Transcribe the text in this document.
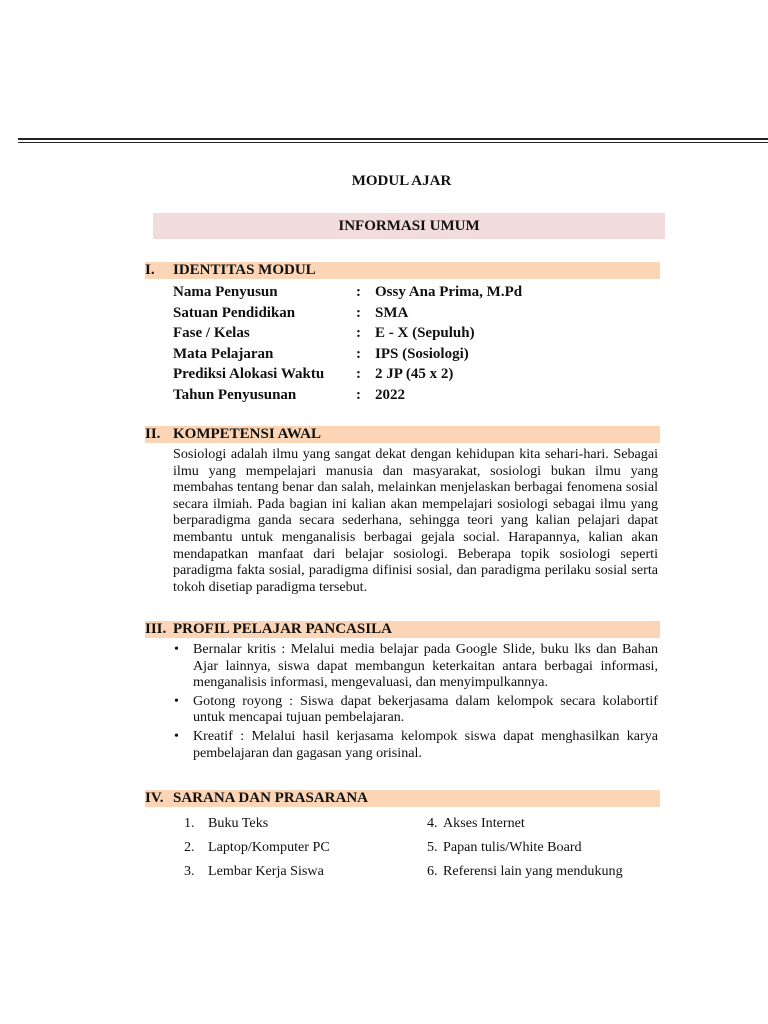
MODUL AJAR
INFORMASI UMUM
I. IDENTITAS MODUL
Nama Penyusun	: Ossy Ana Prima, M.Pd
Satuan Pendidikan	: SMA
Fase / Kelas	: E - X (Sepuluh)
Mata Pelajaran	: IPS (Sosiologi)
Prediksi Alokasi Waktu : 2 JP (45 x 2)
Tahun Penyusunan	: 2022
II. KOMPETENSI AWAL

Sosiologi adalah ilmu yang sangat dekat dengan kehidupan kita sehari-hari. Sebagai ilmu yang mempelajari manusia dan masyarakat, sosiologi bukan ilmu yang membahas tentang benar dan salah, melainkan menjelaskan berbagai fenomena sosial secara ilmiah. Pada bagian ini kalian akan mempelajari sosiologi sebagai ilmu yang berparadigma ganda secara sederhana, sehingga teori yang kalian pelajari dapat membantu untuk menganalisis berbagai gejala social. Harapannya, kalian akan mendapatkan manfaat dari belajar sosiologi. Beberapa topik sosiologi seperti paradigma fakta sosial, paradigma difinisi sosial, dan paradigma perilaku sosial serta tokoh disetiap paradigma tersebut.

III. PROFIL PELAJAR PANCASILA
• Bernalar kritis : Melalui media belajar pada Google Slide, buku lks dan Bahan Ajar lainnya, siswa dapat membangun keterkaitan antara berbagai informasi, menganalisis informasi, mengevaluasi, dan menyimpulkannya.
• Gotong royong : Siswa dapat bekerjasama dalam kelompok secara kolabortif untuk mencapai tujuan pembelajaran.
• Kreatif : Melalui hasil kerjasama kelompok siswa dapat menghasilkan karya pembelajaran dan gagasan yang orisinal.
IV. SARANA DAN PRASARANA
1. Buku Teks
2. Laptop/Komputer PC
3. Lembar Kerja Siswa
4. Akses Internet
5. Papan tulis/White Board
6. Referensi lain yang mendukung
